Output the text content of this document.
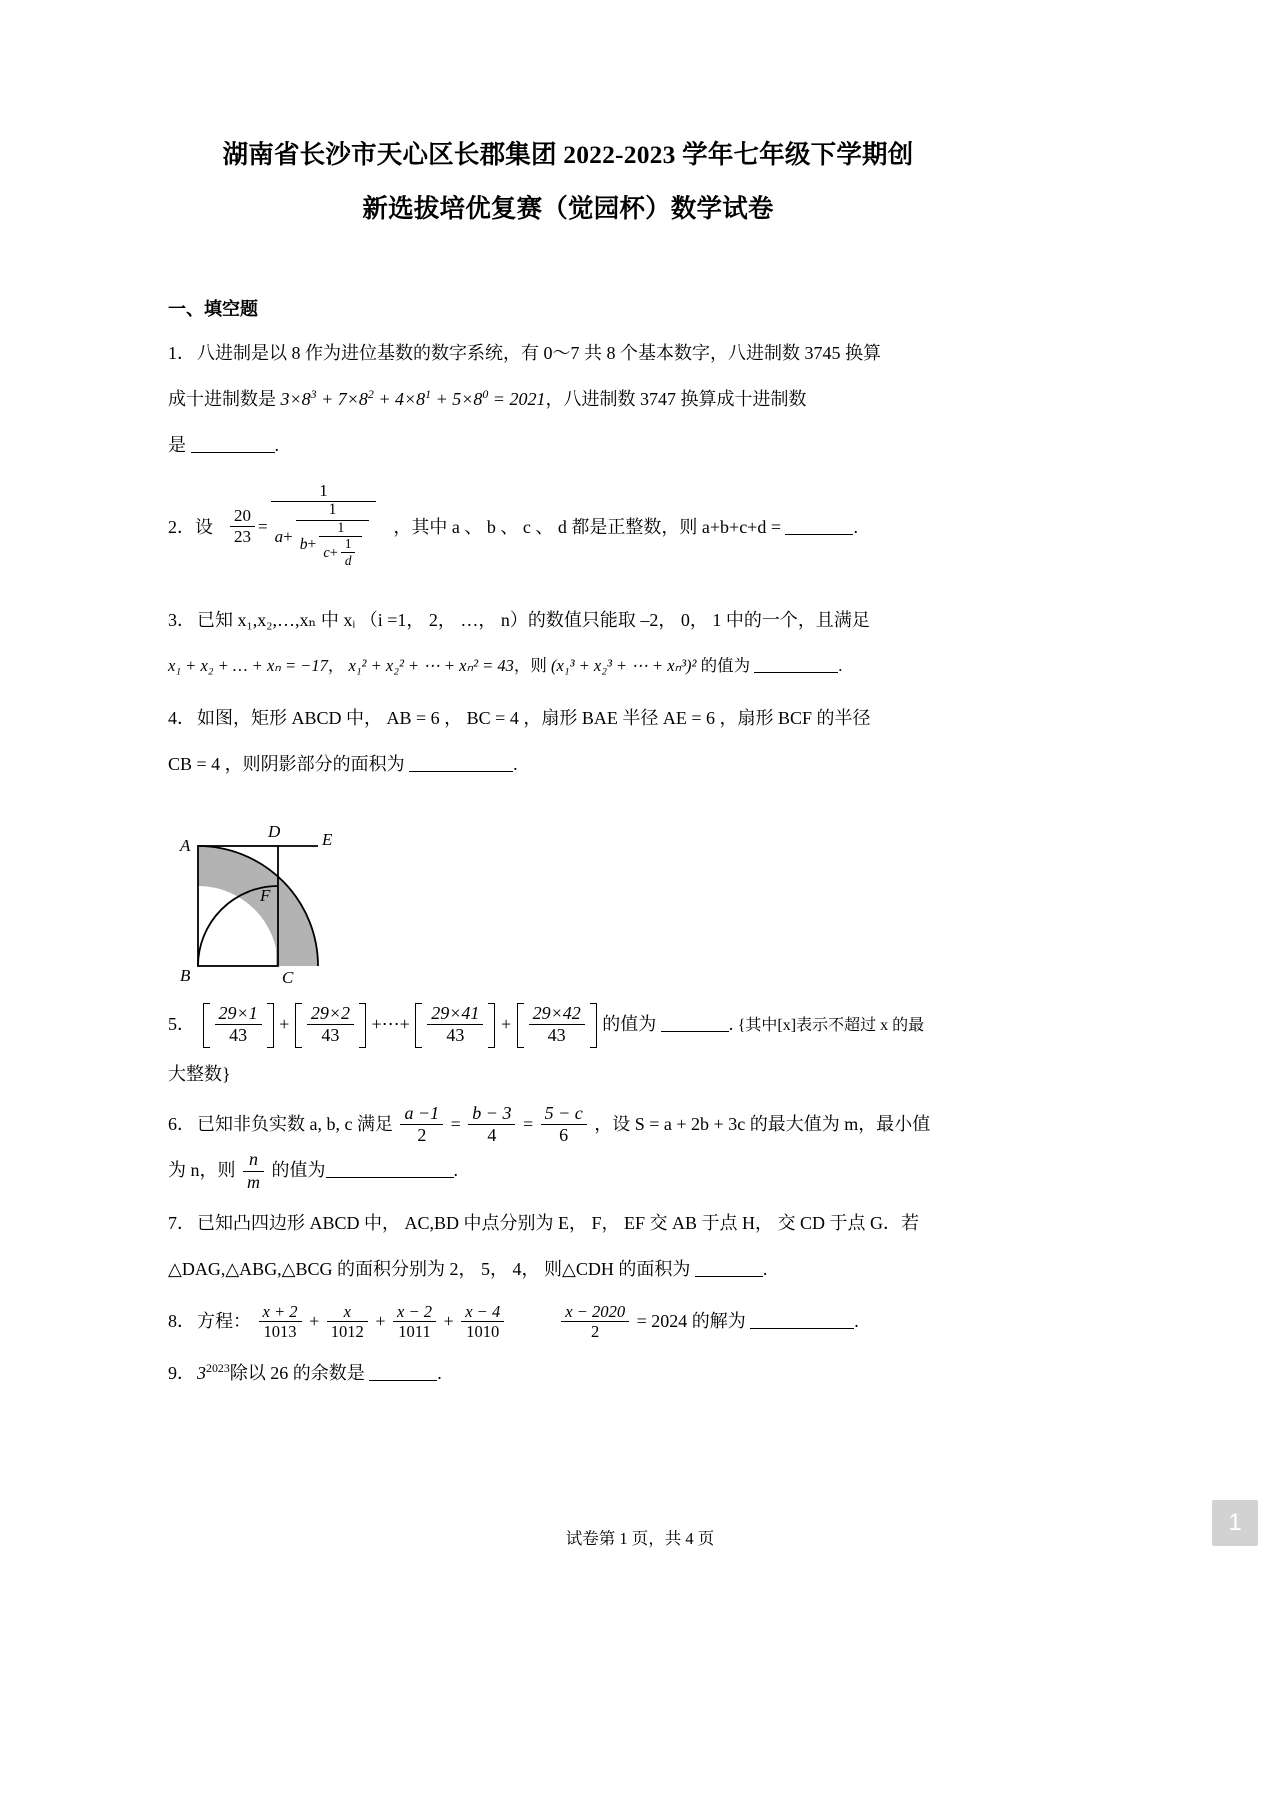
湖南省长沙市天心区长郡集团 2022-2023 学年七年级下学期创
新选拔培优复赛（觉园杯）数学试卷
一、填空题
1． 八进制是以 8 作为进位基数的数字系统，有 0～7 共 8 个基本数字，八进制数 3745 换算
成十进制数是 $3\times 8^3 + 7\times 8^2 + 4\times 8^1 + 5\times 8^0 = 2021$，八进制数 3747 换算成十进制数
是	.
2．设	$\frac{20}{23}$ =
1
a +
1
b +
1
$c + \frac{1}{d}$
，其中 a 、 b 、 c 、 d 都是正整数，则 a+b+c+d =	.
3． 已知 x₁,x₂,…,xₙ 中 xᵢ （i =1， 2， …， n）的数值只能取 –2， 0， 1 中的一个，且满足
x₁ + x₂ + … + xₙ = −17， x₁² + x₂² + ⋯ + xₙ² = 43，则 (x₁³ + x₂³ + ⋯ + xₙ³)² 的值为	.
4． 如图，矩形 ABCD 中， AB = 6 ， BC = 4 ，扇形 BAE 半径 AE = 6 ，扇形 BCF 的半径
CB = 4 ，则阴影部分的面积为	.
A
D E
F
B	C
5． $\frac{29\times 1}{43} + \frac{29\times 2}{43}$ +⋯+ $\frac{29\times 41}{43} + \frac{29\times 42}{43}$ 的值为	. {其中[x]表示不超过 x 的最
大整数}
6． 已知非负实数 a, b, c 满足 $\frac{a -1}{2} = \frac{b - 3}{4} = \frac{5 - c}{6}$ ，设 S = a + 2b + 3c 的最大值为 m，最小值
为 n，则 $\frac{n}{m}$ 的值为	.
7． 已知凸四边形 ABCD 中， AC,BD 中点分别为 E， F， EF 交 AB 于点 H， 交 CD 于点 G．若
△DAG,△ABG,△BCG 的面积分别为 2， 5， 4， 则△CDH 的面积为	.
8． 方程： $\frac{x + 2}{1013} + \frac{x}{1012} + \frac{x - 2}{1011} + \frac{x - 4}{1010}$
	$\frac{x - 2020}{2} = 2024$ 的解为	.
9． $3^{2023}$除以 26 的余数是	.
试卷第 1 页，共 4 页
1
